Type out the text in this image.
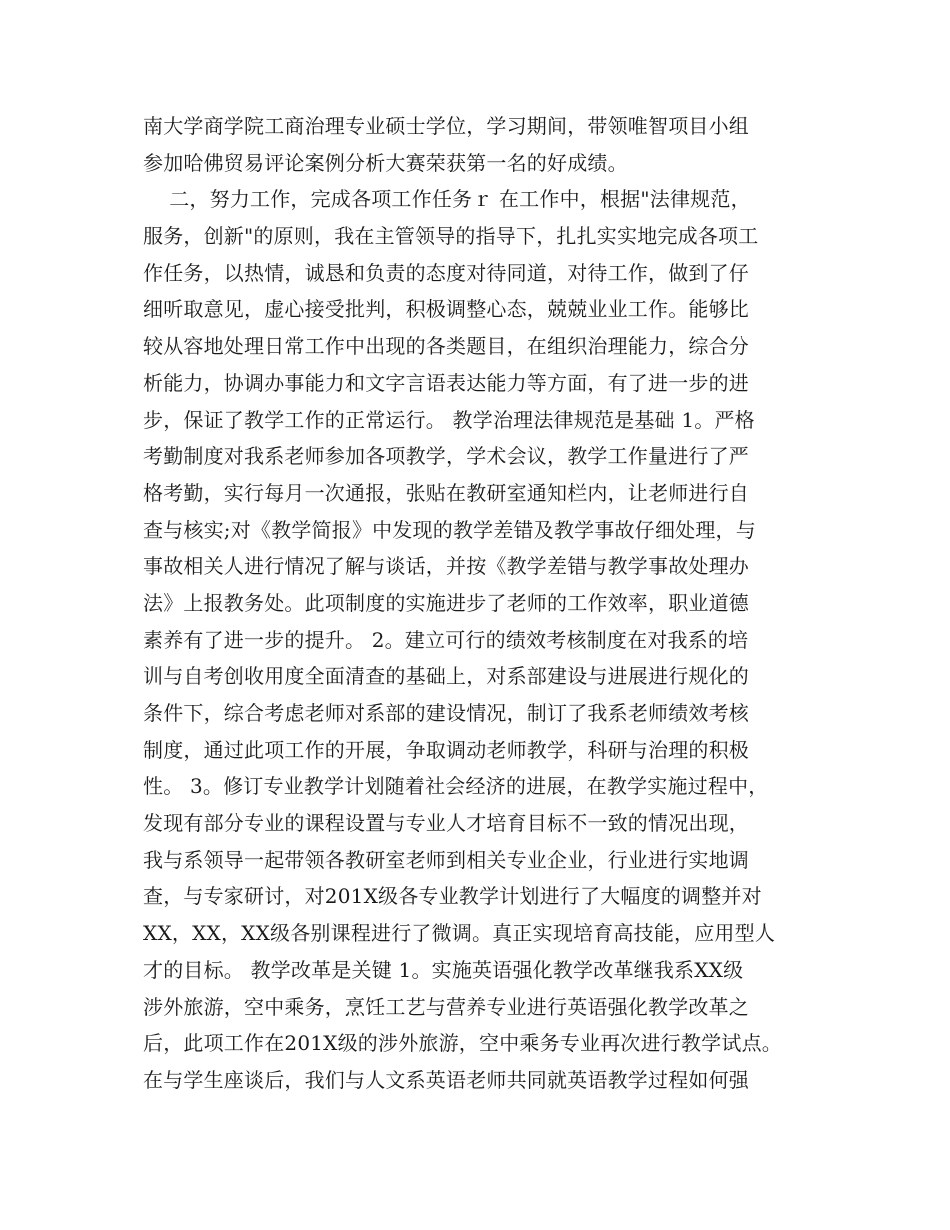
南大学商学院工商治理专业硕士学位，学习期间，带领唯智项目小组
参加哈佛贸易评论案例分析大赛荣获第一名的好成绩。
二，努力工作，完成各项工作任务ｒ 在工作中，根据"法律规范，
服务，创新"的原则，我在主管领导的指导下，扎扎实实地完成各项工
作任务，以热情，诚恳和负责的态度对待同道，对待工作，做到了仔
细听取意见，虚心接受批判，积极调整心态，兢兢业业工作。能够比
较从容地处理日常工作中出现的各类题目，在组织治理能力，综合分
析能力，协调办事能力和文字言语表达能力等方面，有了进一步的进
步，保证了教学工作的正常运行。 教学治理法律规范是基础 1。严格
考勤制度对我系老师参加各项教学，学术会议，教学工作量进行了严
格考勤，实行每月一次通报，张贴在教研室通知栏内，让老师进行自
查与核实;对《教学简报》中发现的教学差错及教学事故仔细处理，与
事故相关人进行情况了解与谈话，并按《教学差错与教学事故处理办
法》上报教务处。此项制度的实施进步了老师的工作效率，职业道德
素养有了进一步的提升。 2。建立可行的绩效考核制度在对我系的培
训与自考创收用度全面清查的基础上，对系部建设与进展进行规化的
条件下，综合考虑老师对系部的建设情况，制订了我系老师绩效考核
制度，通过此项工作的开展，争取调动老师教学，科研与治理的积极
性。 3。修订专业教学计划随着社会经济的进展，在教学实施过程中，
发现有部分专业的课程设置与专业人才培育目标不一致的情况出现，
我与系领导一起带领各教研室老师到相关专业企业，行业进行实地调
查，与专家研讨，对201X级各专业教学计划进行了大幅度的调整并对
XX，XX，XX级各别课程进行了微调。真正实现培育高技能，应用型人
才的目标。 教学改革是关键 1。实施英语强化教学改革继我系XX级
涉外旅游，空中乘务，烹饪工艺与营养专业进行英语强化教学改革之
后，此项工作在201X级的涉外旅游，空中乘务专业再次进行教学试点。
在与学生座谈后，我们与人文系英语老师共同就英语教学过程如何强
